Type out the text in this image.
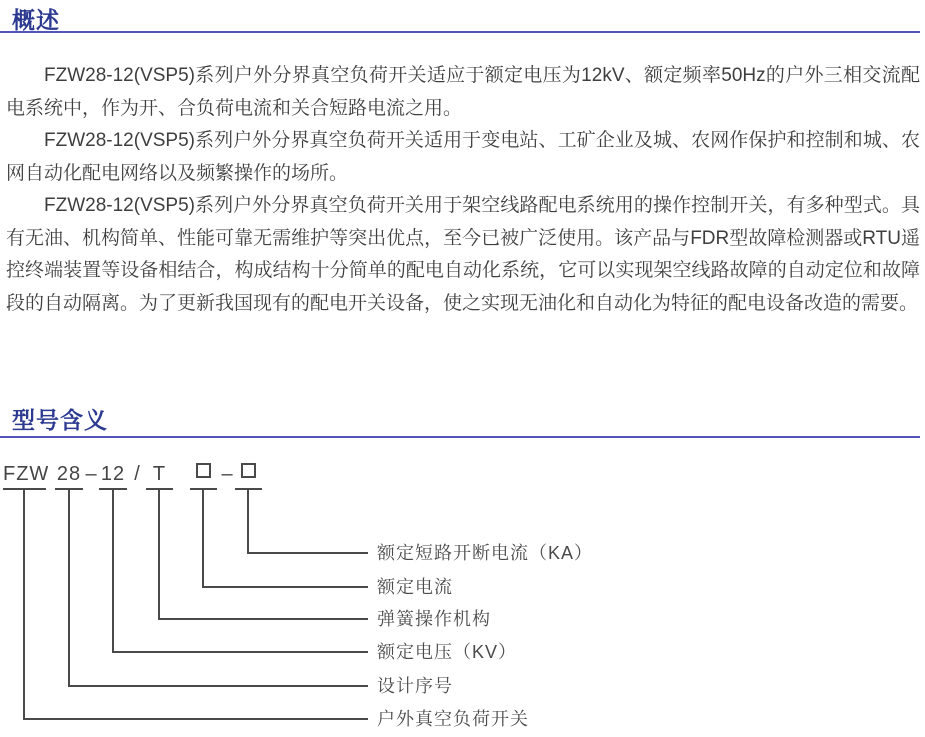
概述

FZW28-12(VSP5)系列户外分界真空负荷开关适应于额定电压为12kV、额定频率50Hz的户外三相交流配电系统中，作为开、合负荷电流和关合短路电流之用。

FZW28-12(VSP5)系列户外分界真空负荷开关适用于变电站、工矿企业及城、农网作保护和控制和城、农网自动化配电网络以及频繁操作的场所。

FZW28-12(VSP5)系列户外分界真空负荷开关用于架空线路配电系统用的操作控制开关，有多种型式。具有无油、机构简单、性能可靠无需维护等突出优点，至今已被广泛使用。该产品与FDR型故障检测器或RTU遥控终端装置等设备相结合，构成结构十分简单的配电自动化系统，它可以实现架空线路故障的自动定位和故障段的自动隔离。为了更新我国现有的配电开关设备，使之实现无油化和自动化为特征的配电设备改造的需要。

型号含义
FZW 28 12	T
– /	–
额定短路开断电流（KA）
额定电流
弹簧操作机构
额定电压（KV）
设计序号
户外真空负荷开关
